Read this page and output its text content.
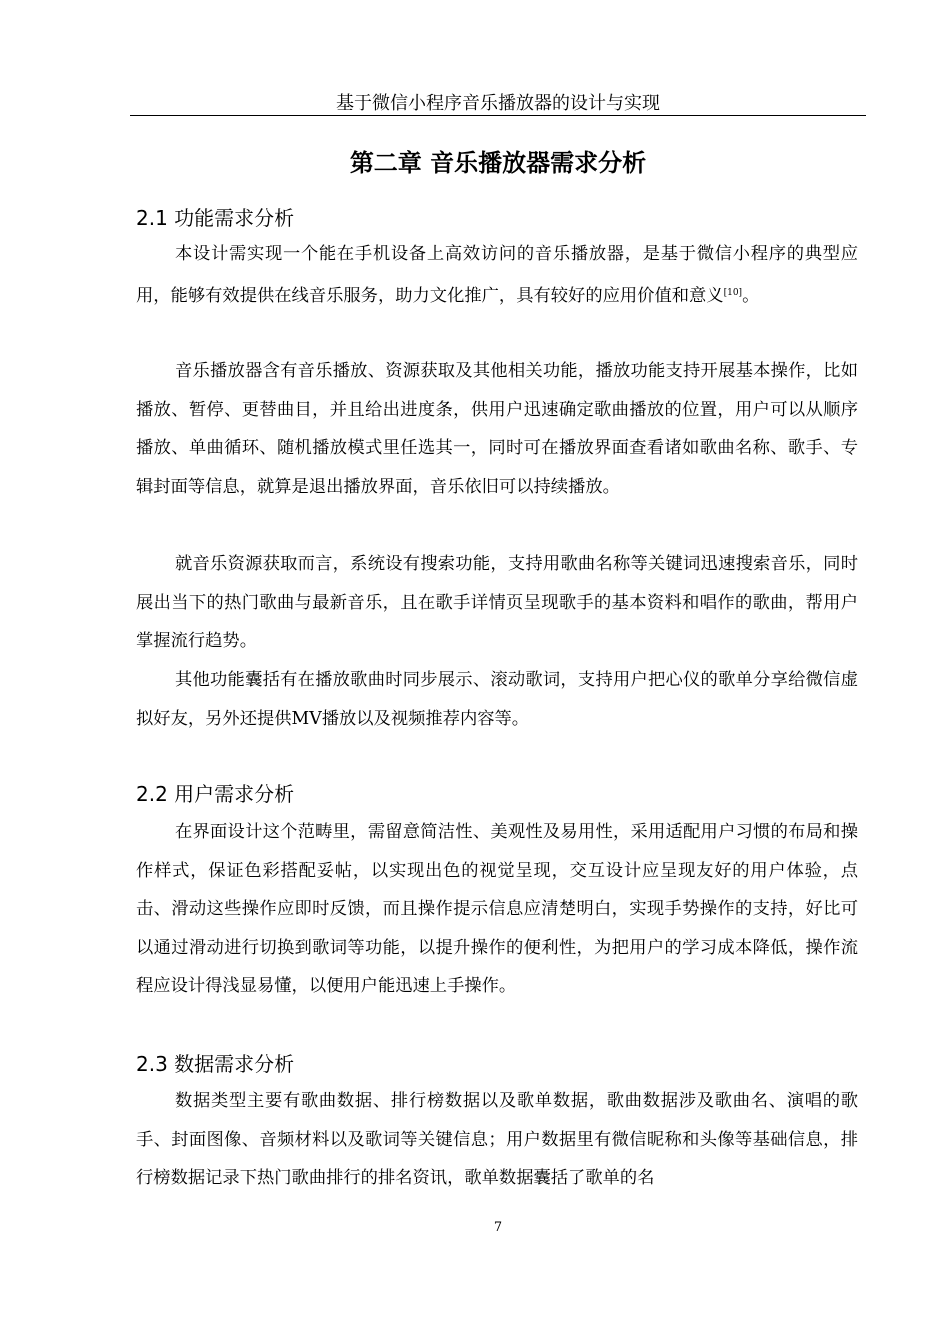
基于微信小程序音乐播放器的设计与实现
第二章 音乐播放器需求分析
2.1 功能需求分析

本设计需实现一个能在手机设备上高效访问的音乐播放器，是基于微信小程序的典型应用，能够有效提供在线音乐服务，助力文化推广，具有较好的应用价值和意义[10]。

音乐播放器含有音乐播放、资源获取及其他相关功能，播放功能支持开展基本操作，比如播放、暂停、更替曲目，并且给出进度条，供用户迅速确定歌曲播放的位置，用户可以从顺序播放、单曲循环、随机播放模式里任选其一，同时可在播放界面查看诸如歌曲名称、歌手、专辑封面等信息，就算是退出播放界面，音乐依旧可以持续播放。

就音乐资源获取而言，系统设有搜索功能，支持用歌曲名称等关键词迅速搜索音乐，同时展出当下的热门歌曲与最新音乐，且在歌手详情页呈现歌手的基本资料和唱作的歌曲，帮用户掌握流行趋势。

其他功能囊括有在播放歌曲时同步展示、滚动歌词，支持用户把心仪的歌单分享给微信虚拟好友，另外还提供MV播放以及视频推荐内容等。

2.2 用户需求分析

在界面设计这个范畴里，需留意简洁性、美观性及易用性，采用适配用户习惯的布局和操作样式，保证色彩搭配妥帖，以实现出色的视觉呈现，交互设计应呈现友好的用户体验，点击、滑动这些操作应即时反馈，而且操作提示信息应清楚明白，实现手势操作的支持，好比可以通过滑动进行切换到歌词等功能，以提升操作的便利性，为把用户的学习成本降低，操作流程应设计得浅显易懂，以便用户能迅速上手操作。

2.3 数据需求分析

数据类型主要有歌曲数据、排行榜数据以及歌单数据，歌曲数据涉及歌曲名、演唱的歌手、封面图像、音频材料以及歌词等关键信息；用户数据里有微信昵称和头像等基础信息，排行榜数据记录下热门歌曲排行的排名资讯，歌单数据囊括了歌单的名

7
